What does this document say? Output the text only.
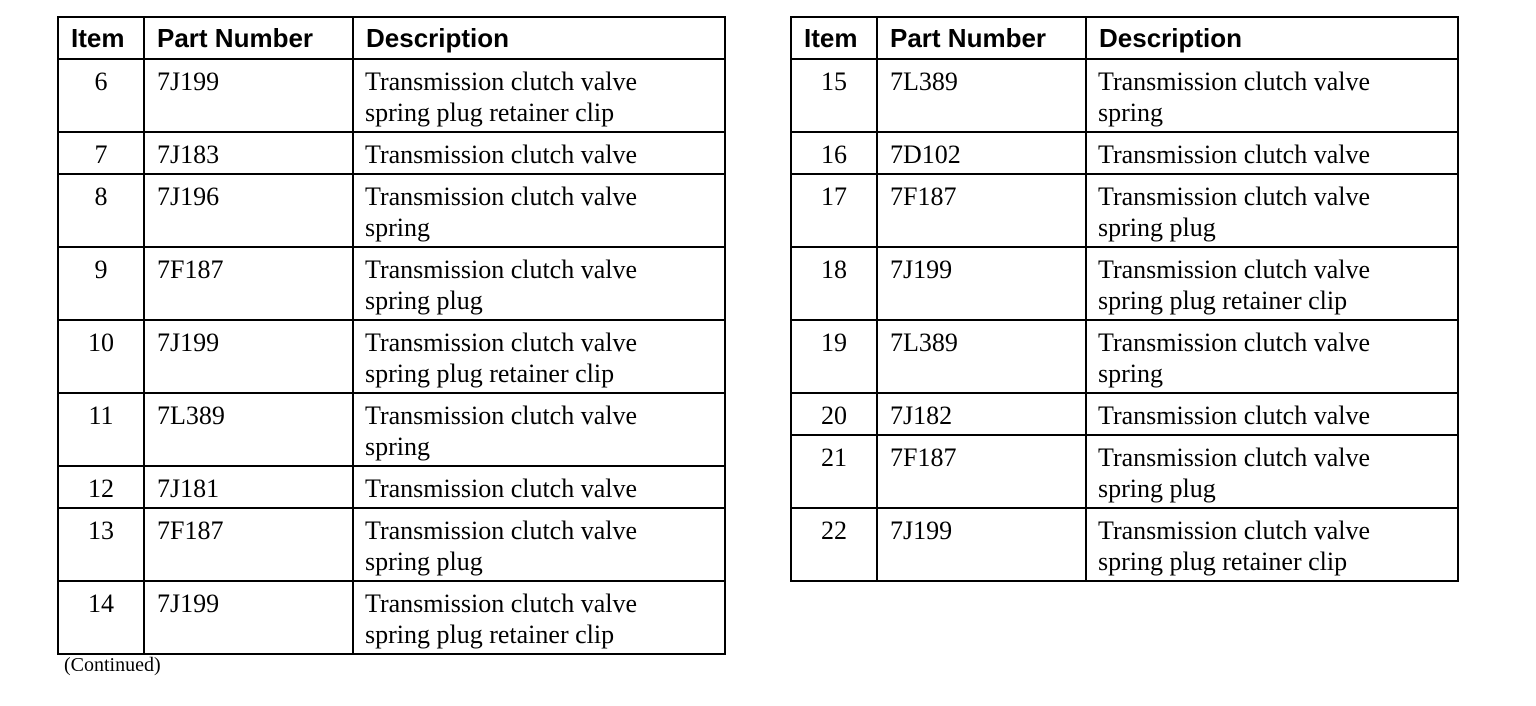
Item	Part Number	Description
6	7J199	Transmission clutch valve
spring plug retainer clip

7	7J183	Transmission clutch valve

8	7J196	Transmission clutch valve
spring

9	7F187	Transmission clutch valve
spring plug

10	7J199	Transmission clutch valve
spring plug retainer clip

11	7L389	Transmission clutch valve
spring

12	7J181	Transmission clutch valve

13	7F187	Transmission clutch valve
spring plug

14	7J199	Transmission clutch valve
spring plug retainer clip
Item	Part Number	Description
15	7L389	Transmission clutch valve
spring

16	7D102	Transmission clutch valve

17	7F187	Transmission clutch valve
spring plug

18	7J199	Transmission clutch valve
spring plug retainer clip

19	7L389	Transmission clutch valve
spring

20	7J182	Transmission clutch valve

21	7F187	Transmission clutch valve
spring plug

22	7J199	Transmission clutch valve
spring plug retainer clip
(Continued)
